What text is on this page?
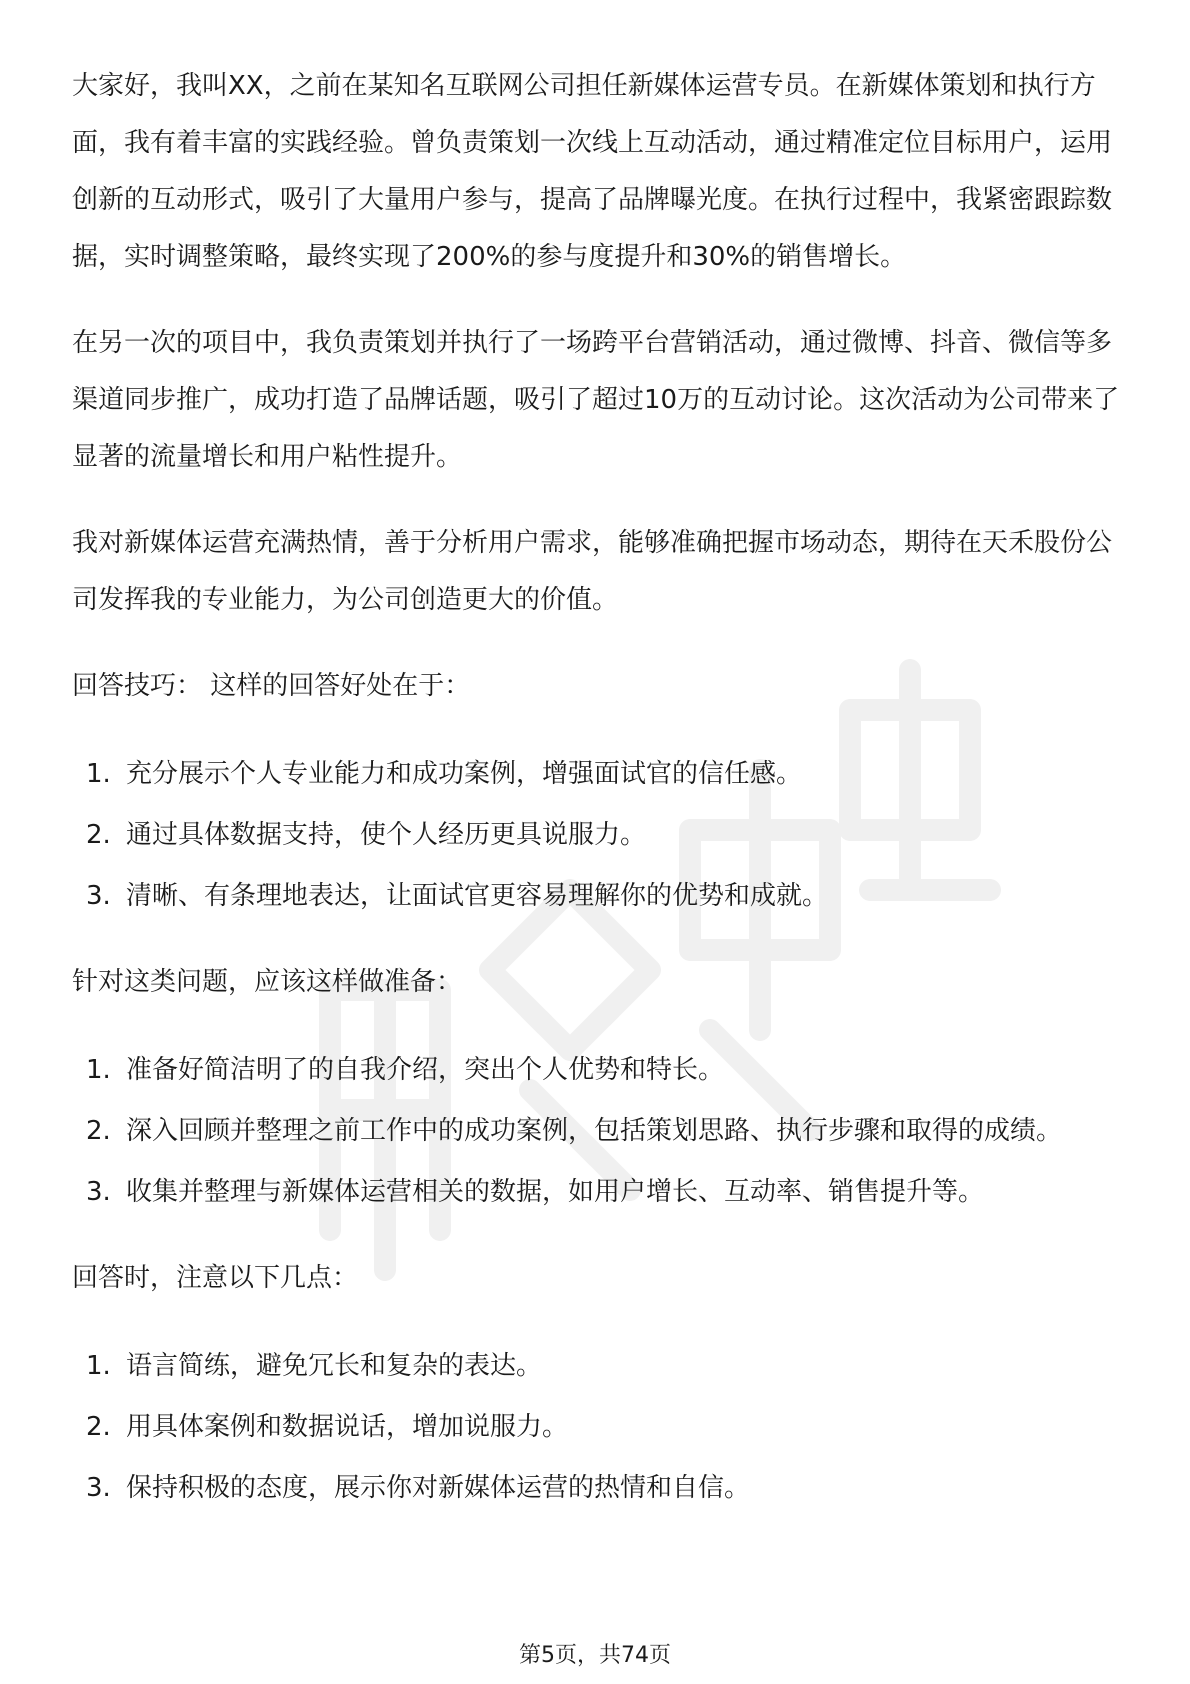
大家好，我叫XX，之前在某知名互联网公司担任新媒体运营专员。在新媒体策划和执行方面，我有着丰富的实践经验。曾负责策划一次线上互动活动，通过精准定位目标用户，运用创新的互动形式，吸引了大量用户参与，提高了品牌曝光度。在执行过程中，我紧密跟踪数据，实时调整策略，最终实现了200%的参与度提升和30%的销售增长。

在另一次的项目中，我负责策划并执行了一场跨平台营销活动，通过微博、抖音、微信等多渠道同步推广，成功打造了品牌话题，吸引了超过10万的互动讨论。这次活动为公司带来了显著的流量增长和用户粘性提升。

我对新媒体运营充满热情，善于分析用户需求，能够准确把握市场动态，期待在天禾股份公司发挥我的专业能力，为公司创造更大的价值。

回答技巧： 这样的回答好处在于：

1. 充分展示个人专业能力和成功案例，增强面试官的信任感。
2. 通过具体数据支持，使个人经历更具说服力。
3. 清晰、有条理地表达，让面试官更容易理解你的优势和成就。

针对这类问题，应该这样做准备：

1. 准备好简洁明了的自我介绍，突出个人优势和特长。
2. 深入回顾并整理之前工作中的成功案例，包括策划思路、执行步骤和取得的成绩。
3. 收集并整理与新媒体运营相关的数据，如用户增长、互动率、销售提升等。

回答时，注意以下几点：

1. 语言简练，避免冗长和复杂的表达。
2. 用具体案例和数据说话，增加说服力。
3. 保持积极的态度，展示你对新媒体运营的热情和自信。
第5页，共74页
